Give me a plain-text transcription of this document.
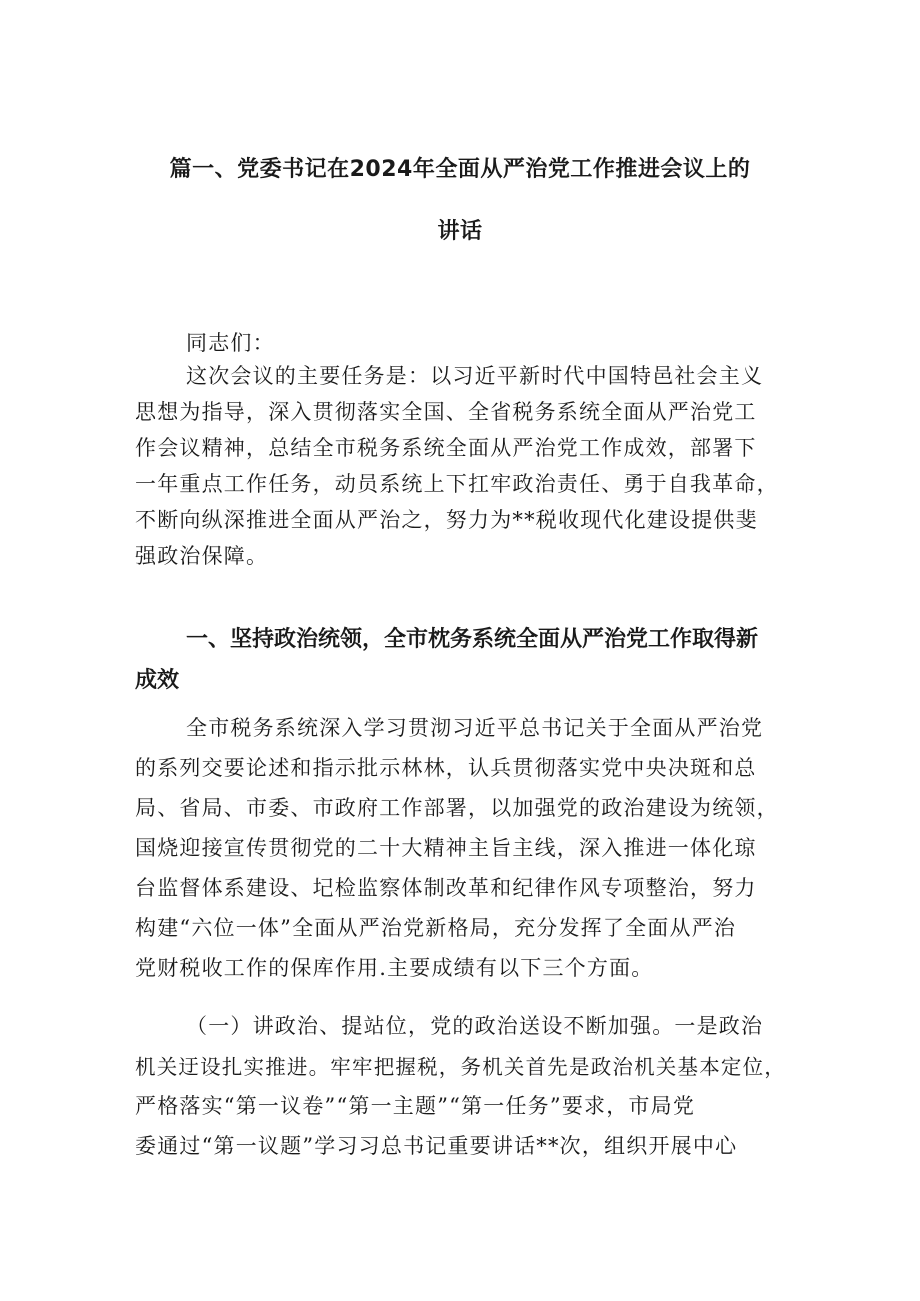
篇一、党委书记在2024年全面从严治党工作推进会议上的
讲话
同志们：
这次会议的主要任务是：以习近平新时代中国特邑社会主义
思想为指导，深入贯彻落实全国、全省税务系统全面从严治党工
作会议精神，总结全市税务系统全面从严治党工作成效，部署下
一年重点工作任务，动员系统上下扛牢政治责任、勇于自我革命，
不断向纵深推进全面从严治之，努力为**税收现代化建设提供斐
强政治保障。
一、坚持政治统领，全市枕务系统全面从严治党工作取得新
成效
全市税务系统深入学习贯沏习近平总书记关于全面从严治党
的系列交要论述和指示批示林林，认兵贯彻落实党中央决斑和总
局、省局、市委、市政府工作部署，以加强党的政治建设为统领，
国烧迎接宣传贯彻党的二十大精神主旨主线，深入推进一体化琼
台监督体系建设、圮检监察体制改革和纪律作风专项整治，努力
构建“六位一体”全面从严治党新格局，充分发挥了全面从严治
党财税收工作的保库作用.主要成绩有以下三个方面。
（一）讲政治、提站位，党的政治送设不断加强。一是政治
机关迂设扎实推进。牢牢把握税，务机关首先是政治机关基本定位，
严格落实“第一议卷”“第一主题”“第一任务”要求，市局党
委通过“第一议题”学习习总书记重要讲话**次，组织开展中心
